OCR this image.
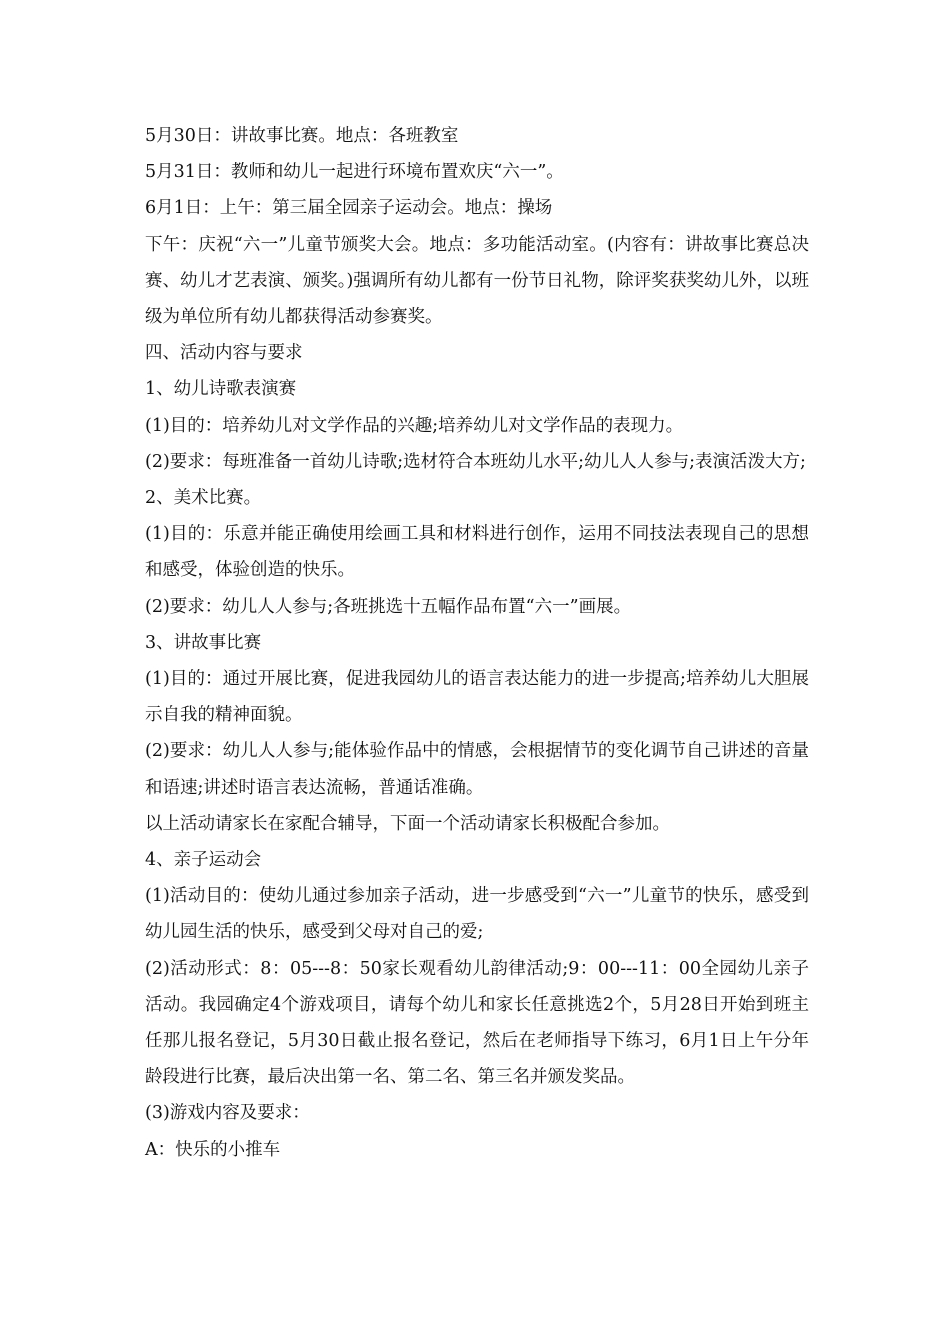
5月30日：讲故事比赛。地点：各班教室

5月31日：教师和幼儿一起进行环境布置欢庆“六一”。

6月1日：上午：第三届全园亲子运动会。地点：操场

下午：庆祝“六一”儿童节颁奖大会。地点：多功能活动室。(内容有：讲故事比赛总决赛、幼儿才艺表演、颁奖。)强调所有幼儿都有一份节日礼物，除评奖获奖幼儿外，以班级为单位所有幼儿都获得活动参赛奖。

四、活动内容与要求

1、幼儿诗歌表演赛

(1)目的：培养幼儿对文学作品的兴趣;培养幼儿对文学作品的表现力。

(2)要求：每班准备一首幼儿诗歌;选材符合本班幼儿水平;幼儿人人参与;表演活泼大方;

2、美术比赛。

(1)目的：乐意并能正确使用绘画工具和材料进行创作，运用不同技法表现自己的思想和感受，体验创造的快乐。

(2)要求：幼儿人人参与;各班挑选十五幅作品布置“六一”画展。

3、讲故事比赛

(1)目的：通过开展比赛，促进我园幼儿的语言表达能力的进一步提高;培养幼儿大胆展示自我的精神面貌。

(2)要求：幼儿人人参与;能体验作品中的情感，会根据情节的变化调节自己讲述的音量和语速;讲述时语言表达流畅，普通话准确。

以上活动请家长在家配合辅导，下面一个活动请家长积极配合参加。

4、亲子运动会

(1)活动目的：使幼儿通过参加亲子活动，进一步感受到“六一”儿童节的快乐，感受到幼儿园生活的快乐，感受到父母对自己的爱;

(2)活动形式：8：05---8：50家长观看幼儿韵律活动;9：00---11：00全园幼儿亲子活动。我园确定4个游戏项目，请每个幼儿和家长任意挑选2个，5月28日开始到班主任那儿报名登记，5月30日截止报名登记，然后在老师指导下练习，6月1日上午分年龄段进行比赛，最后决出第一名、第二名、第三名并颁发奖品。

(3)游戏内容及要求：

A：快乐的小推车
